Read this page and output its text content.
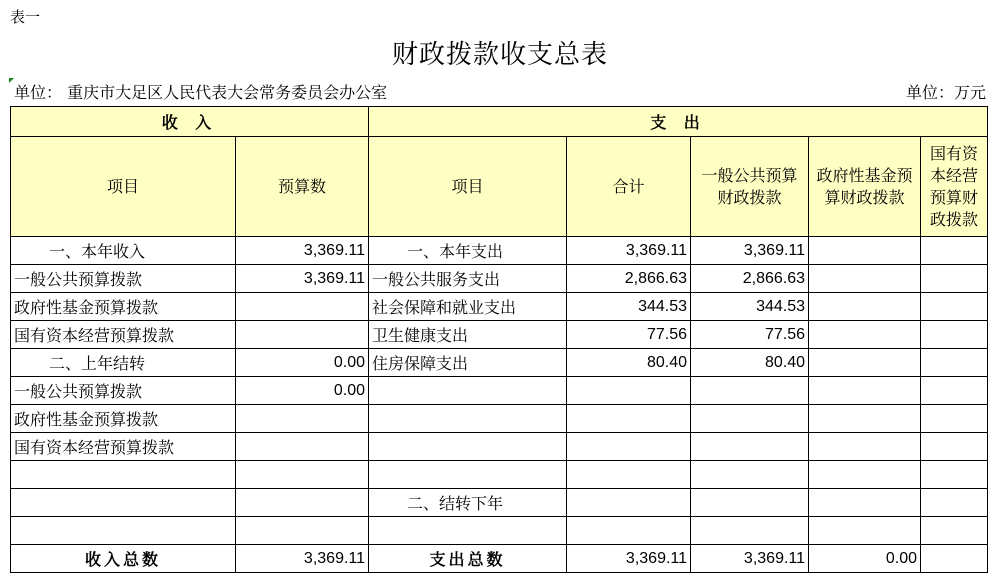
表一
财政拨款收支总表
单位： 重庆市大足区人民代表大会常务委员会办公室	单位：万元
收 入		支 出				
项目	预算数	项目	合计	一般公共预算财政拨款	政府性基金预算财政拨款	国有资本经营预算财政拨款
一、本年收入	3,369.11	一、本年支出	3,369.11	3,369.11		
一般公共预算拨款	3,369.11	一般公共服务支出	2,866.63	2,866.63		
政府性基金预算拨款		社会保障和就业支出	344.53	344.53		
国有资本经营预算拨款		卫生健康支出	77.56	77.56		
二、上年结转	0.00	住房保障支出	80.40	80.40		
一般公共预算拨款	0.00					
政府性基金预算拨款						
国有资本经营预算拨款						

		二、结转下年				

收入总数	3,369.11	支出总数	3,369.11	3,369.11	0.00	
